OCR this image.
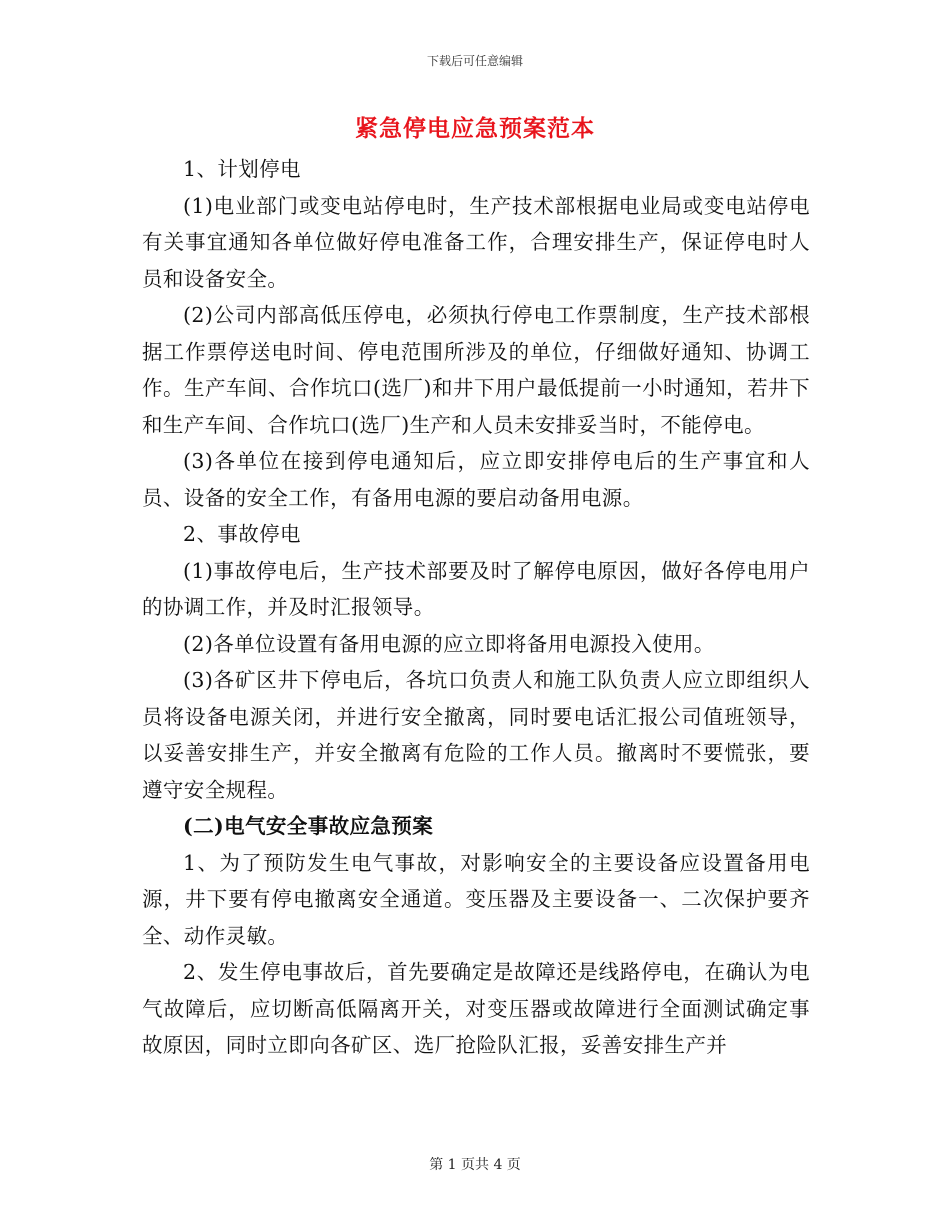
下载后可任意编辑
紧急停电应急预案范本

1、计划停电

(1)电业部门或变电站停电时，生产技术部根据电业局或变电站停电有关事宜通知各单位做好停电准备工作，合理安排生产，保证停电时人员和设备安全。

(2)公司内部高低压停电，必须执行停电工作票制度，生产技术部根据工作票停送电时间、停电范围所涉及的单位，仔细做好通知、协调工作。生产车间、合作坑口(选厂)和井下用户最低提前一小时通知，若井下和生产车间、合作坑口(选厂)生产和人员未安排妥当时，不能停电。

(3)各单位在接到停电通知后，应立即安排停电后的生产事宜和人员、设备的安全工作，有备用电源的要启动备用电源。

2、事故停电

(1)事故停电后，生产技术部要及时了解停电原因，做好各停电用户的协调工作，并及时汇报领导。

(2)各单位设置有备用电源的应立即将备用电源投入使用。

(3)各矿区井下停电后，各坑口负责人和施工队负责人应立即组织人员将设备电源关闭，并进行安全撤离，同时要电话汇报公司值班领导，以妥善安排生产，并安全撤离有危险的工作人员。撤离时不要慌张，要遵守安全规程。

(二)电气安全事故应急预案

1、为了预防发生电气事故，对影响安全的主要设备应设置备用电源，井下要有停电撤离安全通道。变压器及主要设备一、二次保护要齐全、动作灵敏。

2、发生停电事故后，首先要确定是故障还是线路停电，在确认为电气故障后，应切断高低隔离开关，对变压器或故障进行全面测试确定事故原因，同时立即向各矿区、选厂抢险队汇报，妥善安排生产并

第 1 页共 4 页
